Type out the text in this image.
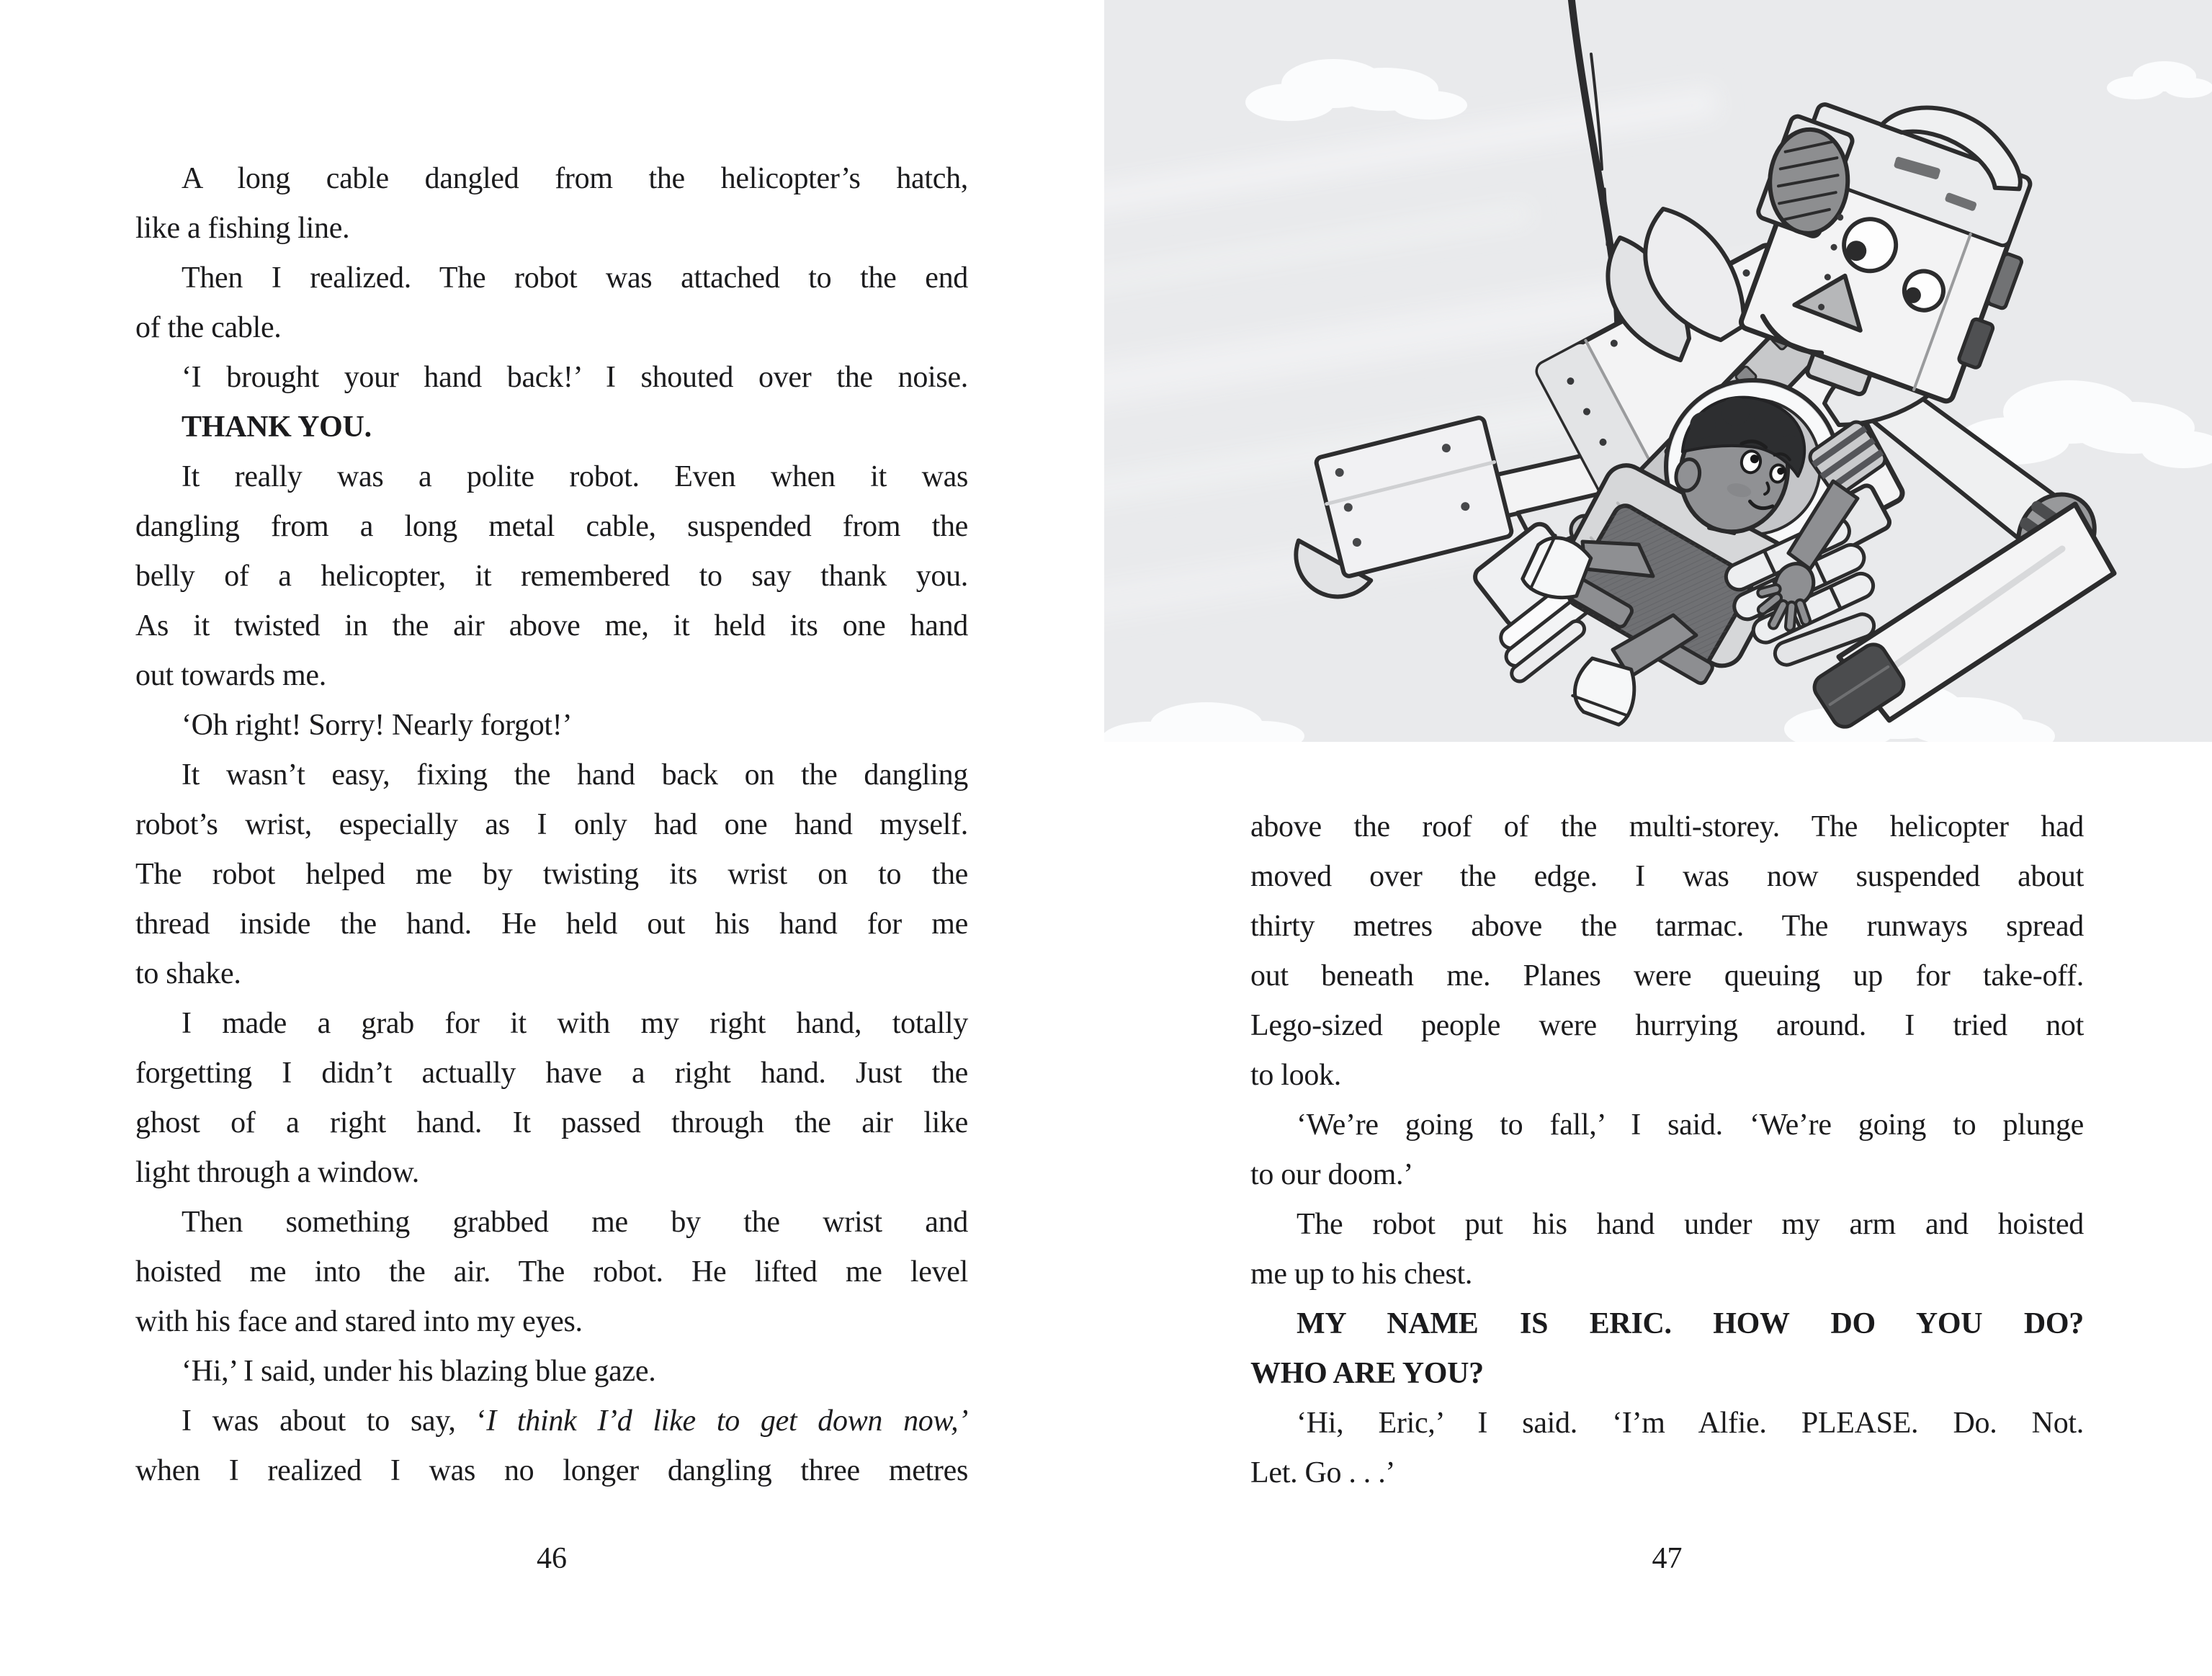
A long cable dangled from the helicopter’s hatch,
like a fishing line.
Then I realized. The robot was attached to the end
of the cable.
‘I brought your hand back!’ I shouted over the noise.
THANK YOU.
It really was a polite robot. Even when it was
dangling from a long metal cable, suspended from the
belly of a helicopter, it remembered to say thank you.
As it twisted in the air above me, it held its one hand
out towards me.
‘Oh right! Sorry! Nearly forgot!’
It wasn’t easy, fixing the hand back on the dangling
robot’s wrist, especially as I only had one hand myself.
The robot helped me by twisting its wrist on to the
thread inside the hand. He held out his hand for me
to shake.
I made a grab for it with my right hand, totally
forgetting I didn’t actually have a right hand. Just the
ghost of a right hand. It passed through the air like
light through a window.
Then something grabbed me by the wrist and
hoisted me into the air. The robot. He lifted me level
with his face and stared into my eyes.
‘Hi,’ I said, under his blazing blue gaze.
I was about to say, ‘I think I’d like to get down now,’
when I realized I was no longer dangling three metres
46
above the roof of the multi-storey. The helicopter had
moved over the edge. I was now suspended about
thirty metres above the tarmac. The runways spread
out beneath me. Planes were queuing up for take-off.
Lego-sized people were hurrying around. I tried not
to look.
‘We’re going to fall,’ I said. ‘We’re going to plunge
to our doom.’
The robot put his hand under my arm and hoisted
me up to his chest.
MY NAME IS ERIC. HOW DO YOU DO?
WHO ARE YOU?
‘Hi, Eric,’ I said. ‘I’m Alfie. PLEASE. Do. Not.
Let. Go . . .’
47
